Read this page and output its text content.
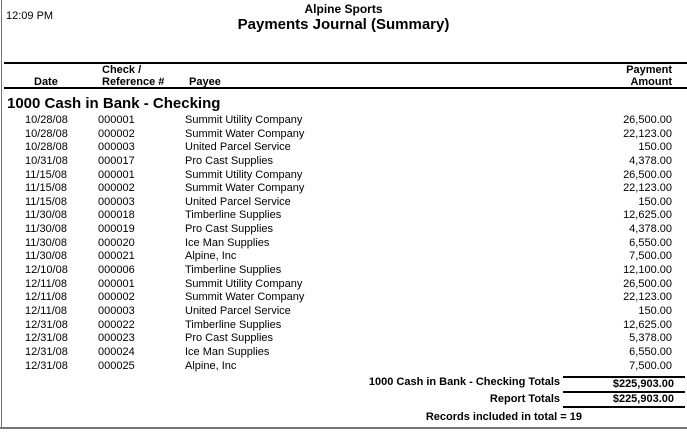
12:09 PM	Alpine Sports
Payments Journal (Summary)
Check /	Payment
Date	Reference #	Payee	Amount
1000 Cash in Bank - Checking
10/28/08	000001	Summit Utility Company	26,500.00
10/28/08	000002	Summit Water Company	22,123.00
10/28/08	000003	United Parcel Service	150.00
10/31/08	000017	Pro Cast Supplies	4,378.00
11/15/08	000001	Summit Utility Company	26,500.00
11/15/08	000002	Summit Water Company	22,123.00
11/15/08	000003	United Parcel Service	150.00
11/30/08	000018	Timberline Supplies	12,625.00
11/30/08	000019	Pro Cast Supplies	4,378.00
11/30/08	000020	Ice Man Supplies	6,550.00
11/30/08	000021	Alpine, Inc	7,500.00
12/10/08	000006	Timberline Supplies	12,100.00
12/11/08	000001	Summit Utility Company	26,500.00
12/11/08	000002	Summit Water Company	22,123.00
12/11/08	000003	United Parcel Service	150.00
12/31/08	000022	Timberline Supplies	12,625.00
12/31/08	000023	Pro Cast Supplies	5,378.00
12/31/08	000024	Ice Man Supplies	6,550.00
12/31/08	000025	Alpine, Inc	7,500.00
1000 Cash in Bank - Checking Totals	$225,903.00
Report Totals	$225,903.00
Records included in total = 19
